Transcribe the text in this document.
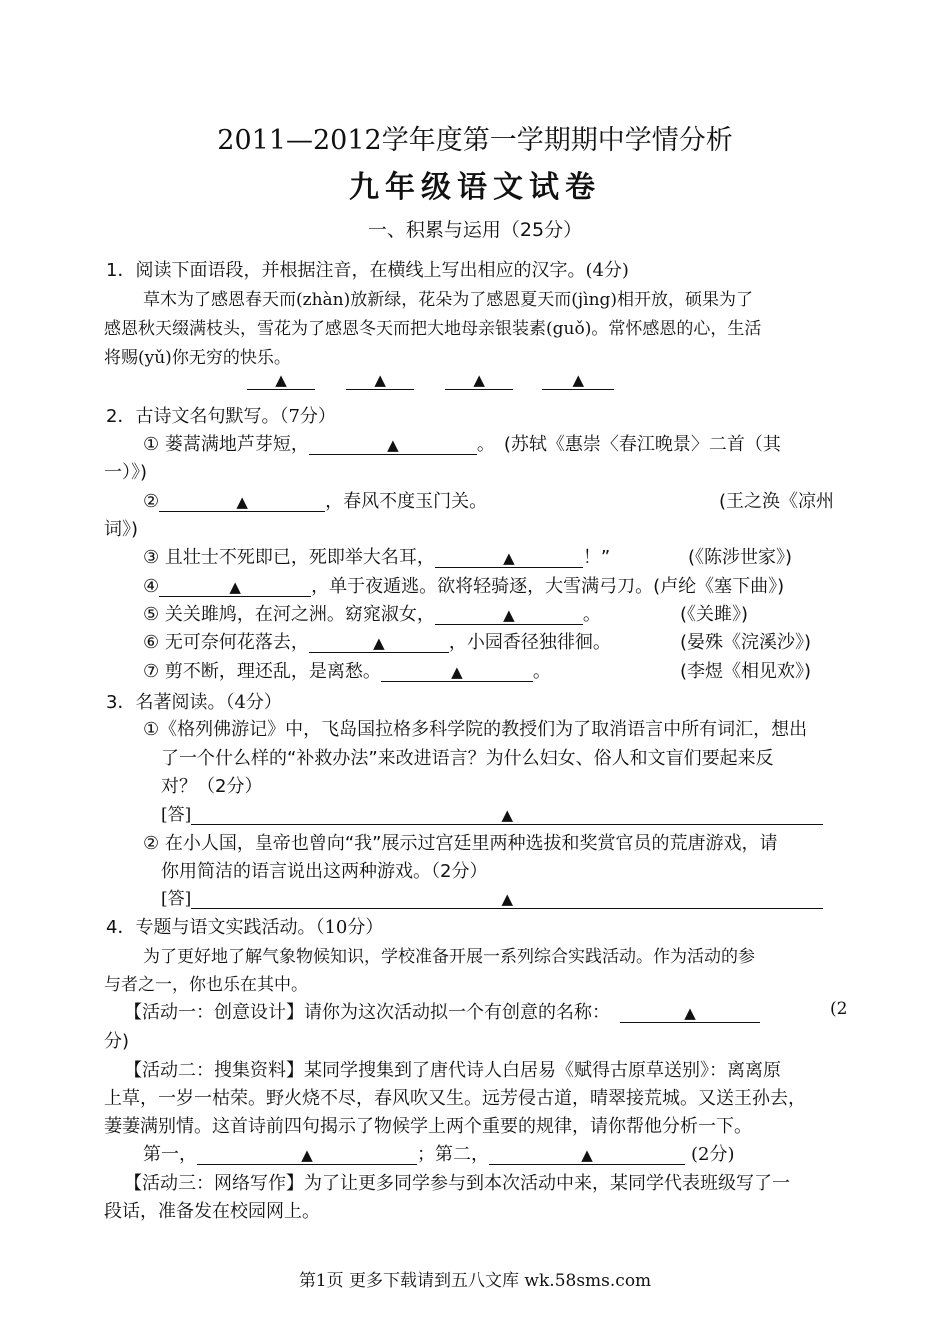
2011—2012学年度第一学期期中学情分析
九年级语文试卷
一、积累与运用（25分）
1．阅读下面语段，并根据注音，在横线上写出相应的汉字。(4分)
草木为了感恩春天而(zhàn)放新绿，花朵为了感恩夏天而(jìng)相开放，硕果为了
感恩秋天缀满枝头，雪花为了感恩冬天而把大地母亲银装素(guǒ)。常怀感恩的心，生活
将赐(yǔ)你无穷的快乐。
▲	▲	▲	▲
2．古诗文名句默写。（7分）
① 蒌蒿满地芦芽短，	▲	。　(苏轼《惠崇〈春江晚景〉二首（其
一）》)
②	▲	，春风不度玉门关。	(王之涣《凉州
词》)
③ 且壮士不死即已，死即举大名耳，	▲	！”	(《陈涉世家》)
④	▲	，单于夜遁逃。欲将轻骑逐，大雪满弓刀。(卢纶《塞下曲》)
⑤ 关关雎鸠，在河之洲。窈窕淑女，	▲	。	(《关雎》)
⑥ 无可奈何花落去，	▲	，小园香径独徘徊。	(晏殊《浣溪沙》)
⑦ 剪不断，理还乱，是离愁。	▲	。	(李煜《相见欢》)
3．名著阅读。（4分）
①《格列佛游记》中，飞岛国拉格多科学院的教授们为了取消语言中所有词汇，想出
了一个什么样的“补救办法”来改进语言？为什么妇女、俗人和文盲们要起来反
对？（2分）
[答]	▲
② 在小人国，皇帝也曾向“我”展示过宫廷里两种选拔和奖赏官员的荒唐游戏，请
你用简洁的语言说出这两种游戏。（2分）
[答]	▲
4．专题与语文实践活动。（10分）
为了更好地了解气象物候知识，学校准备开展一系列综合实践活动。作为活动的参
与者之一，你也乐在其中。
【活动一：创意设计】请你为这次活动拟一个有创意的名称：	▲	(2
分)
【活动二：搜集资料】某同学搜集到了唐代诗人白居易《赋得古原草送别》：离离原
上草，一岁一枯荣。野火烧不尽，春风吹又生。远芳侵古道，晴翠接荒城。又送王孙去，
萋萋满别情。这首诗前四句揭示了物候学上两个重要的规律，请你帮他分析一下。
第一，	▲	；第二，	▲	(2分)
【活动三：网络写作】为了让更多同学参与到本次活动中来，某同学代表班级写了一
段话，准备发在校园网上。
第1页 更多下载请到五八文库 wk.58sms.com
